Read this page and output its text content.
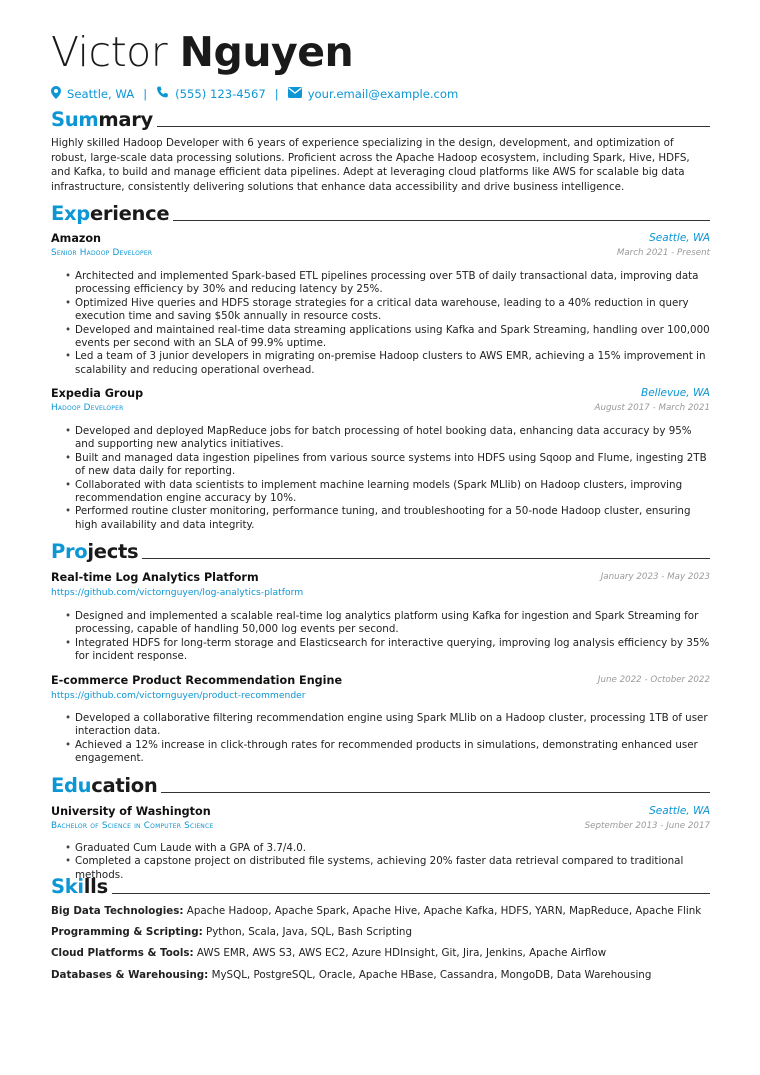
Victor Nguyen
Seattle, WA | (555) 123-4567 |	your.email@example.com
Summary
Highly skilled Hadoop Developer with 6 years of experience specializing in the design, development, and optimization of robust, large-scale data processing solutions. Proficient across the Apache Hadoop ecosystem, including Spark, Hive, HDFS, and Kafka, to build and manage efficient data pipelines. Adept at leveraging cloud platforms like AWS for scalable big data infrastructure, consistently delivering solutions that enhance data accessibility and drive business intelligence.
Experience
Amazon	Seattle, WA
Senior Hadoop Developer	March 2021 - Present
• Architected and implemented Spark-based ETL pipelines processing over 5TB of daily transactional data, improving data processing efficiency by 30% and reducing latency by 25%.
• Optimized Hive queries and HDFS storage strategies for a critical data warehouse, leading to a 40% reduction in query execution time and saving $50k annually in resource costs.
• Developed and maintained real-time data streaming applications using Kafka and Spark Streaming, handling over 100,000 events per second with an SLA of 99.9% uptime.
• Led a team of 3 junior developers in migrating on-premise Hadoop clusters to AWS EMR, achieving a 15% improvement in scalability and reducing operational overhead.
Expedia Group	Bellevue, WA
Hadoop Developer	August 2017 - March 2021
• Developed and deployed MapReduce jobs for batch processing of hotel booking data, enhancing data accuracy by 95% and supporting new analytics initiatives.
• Built and managed data ingestion pipelines from various source systems into HDFS using Sqoop and Flume, ingesting 2TB of new data daily for reporting.
• Collaborated with data scientists to implement machine learning models (Spark MLlib) on Hadoop clusters, improving recommendation engine accuracy by 10%.
• Performed routine cluster monitoring, performance tuning, and troubleshooting for a 50-node Hadoop cluster, ensuring high availability and data integrity.
Projects
Real-time Log Analytics Platform	January 2023 - May 2023
https://github.com/victornguyen/log-analytics-platform
• Designed and implemented a scalable real-time log analytics platform using Kafka for ingestion and Spark Streaming for processing, capable of handling 50,000 log events per second.
• Integrated HDFS for long-term storage and Elasticsearch for interactive querying, improving log analysis efficiency by 35% for incident response.
E-commerce Product Recommendation Engine	June 2022 - October 2022
https://github.com/victornguyen/product-recommender
• Developed a collaborative filtering recommendation engine using Spark MLlib on a Hadoop cluster, processing 1TB of user interaction data.
• Achieved a 12% increase in click-through rates for recommended products in simulations, demonstrating enhanced user engagement.
Education
University of Washington	Seattle, WA
Bachelor of Science in Computer Science	September 2013 - June 2017
• Graduated Cum Laude with a GPA of 3.7/4.0.
• Completed a capstone project on distributed file systems, achieving 20% faster data retrieval compared to traditional methods.
Skills
Big Data Technologies: Apache Hadoop, Apache Spark, Apache Hive, Apache Kafka, HDFS, YARN, MapReduce, Apache Flink
Programming & Scripting: Python, Scala, Java, SQL, Bash Scripting
Cloud Platforms & Tools: AWS EMR, AWS S3, AWS EC2, Azure HDInsight, Git, Jira, Jenkins, Apache Airflow
Databases & Warehousing: MySQL, PostgreSQL, Oracle, Apache HBase, Cassandra, MongoDB, Data Warehousing
